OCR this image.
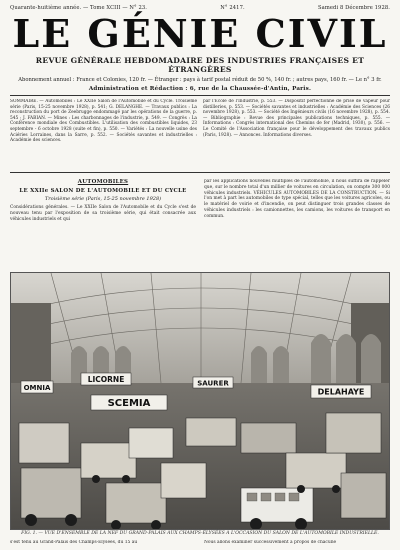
Quarante-huitième année. — Tome XCIII — N° 23.	N° 2417.	Samedi 8 Décembre 1928.
LE GÉNIE CIVIL
REVUE GÉNÉRALE HEBDOMADAIRE DES INDUSTRIES FRANÇAISES ET ÉTRANGÈRES
Abonnement annuel : France et Colonies, 120 fr. — Étranger : pays à tarif postal réduit de 50 %, 140 fr. ; autres pays, 160 fr. — Le n° 3 fr.
Administration et Rédaction : 6, rue de la Chaussée-d'Antin, Paris.
SOMMAIRE. — Automobiles : Le XXIIe Salon de l'Automobile et du Cycle. Troisième série (Paris, 15-25 novembre 1928), p. 541; G. DELANGHE. — Travaux publics : La reconstruction du port de Zeebrugge endommagé par les opérations de la guerre, p. 545 ; J. FABIAN. — Mines : Les charbonnages de l'industrie, p. 549. — Congrès : La Conférence mondiale des Combustibles. L'utilisation des combustibles liquides, 23 septembre - 6 octobre 1928 (suite et fin), p. 550. — Variétés : La nouvelle usine des Aciéries Lorraines, dans la Sarre, p. 552. — Sociétés savantes et industrielles : Académie des sciences.
par l'Ecole de l'Industrie, p. 553. — Dispositif perfectionné de prise de vapeur pour distilleries, p. 553. — Sociétés savantes et industrielles : Académie des Sciences (26 novembre 1928), p. 553. — Société des Ingénieurs civils (16 novembre 1928), p. 554. — Bibliographie : Revue des principales publications techniques, p. 555. — Informations : Congrès international des Chemins de fer (Madrid, 1930), p. 556. — Le Comité de l'Association française pour le développement des travaux publics (Paris, 1928). — Annonces. Informations diverses.
AUTOMOBILES
LE XXIIe SALON DE L'AUTOMOBILE ET DU CYCLE
Troisième série (Paris, 15-25 novembre 1928)
Considérations générales. — Le XXIIe Salon de l'Automobile et du Cycle s'est de nouveau tenu par l'exposition de sa troisième série, qui était consacrée aux véhicules industriels et qui
par les applications nouvelles multiples de l'automobile, il nous suffira de rappeler que, sur le nombre total d'un millier de voitures en circulation, on compte 300 000 véhicules industriels. VÉHICULES AUTOMOBILES DE LA CONSTRUCTION. — Si l'on met à part les automobiles de type spécial, telles que les voitures agricoles, ou le matériel de voirie et d'incendie, on peut distinguer trois grandes classes de véhicules industriels : les camionnettes, les camions, les voitures de transport en commun.
OMNIA
LICORNE
SCEMIA
SAURER
DELAHAYE
FIG. 1. — VUE D'ENSEMBLE DE LA NEF DU GRAND-PALAIS AUX CHAMPS-ÉLYSÉES A L'OCCASION DU SALON DE L'AUTOMOBILE INDUSTRIELLE.
s'est tenu au Grand-Palais des Champs-Élysées, du 15 au	Nous allons examiner successivement à propos de chacune
